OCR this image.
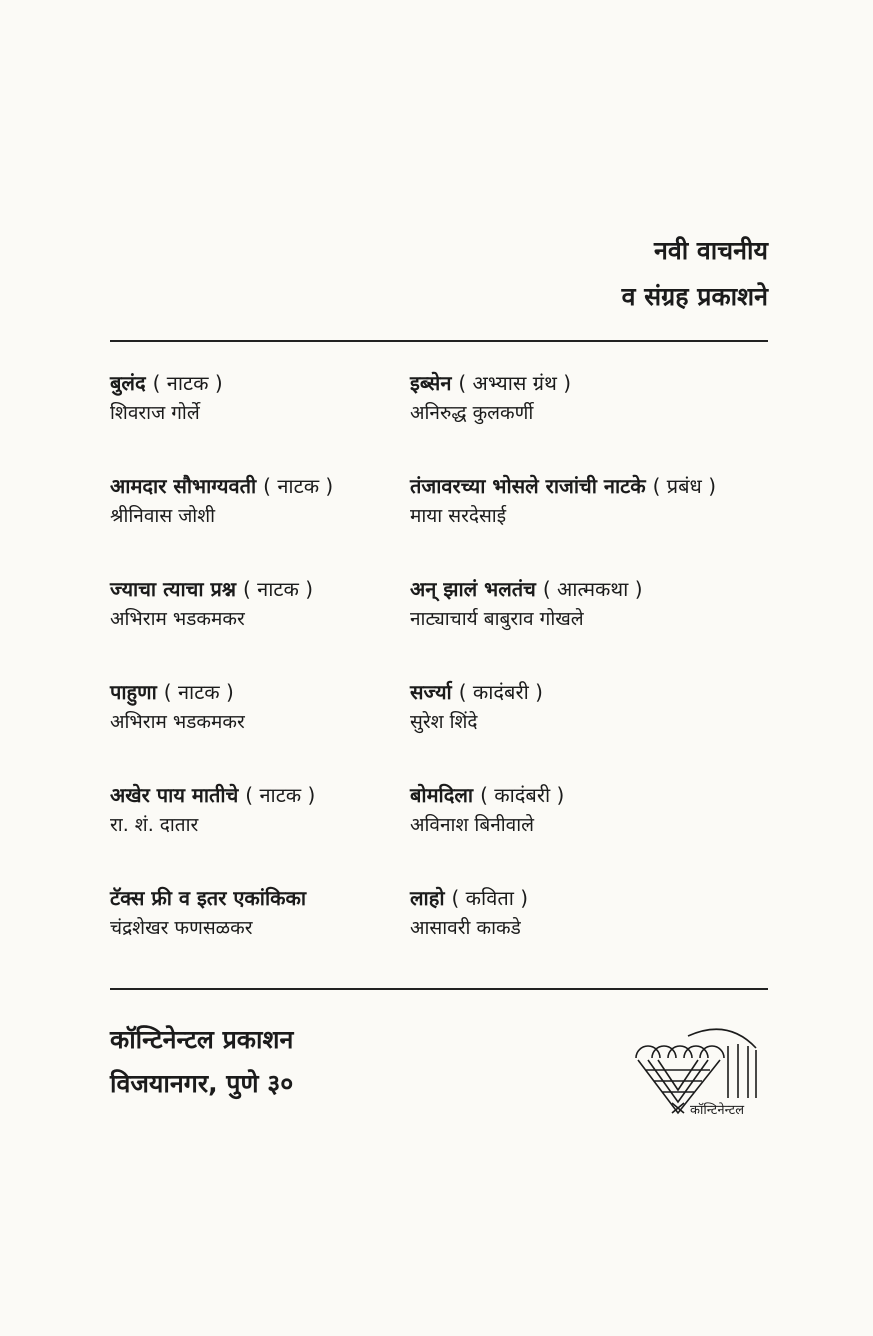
नवी वाचनीय
व संग्रह प्रकाशने
बुलंद ( नाटक )
शिवराज गोर्ले
इब्सेन ( अभ्यास ग्रंथ )
अनिरुद्ध कुलकर्णी
आमदार सौभाग्यवती ( नाटक )
श्रीनिवास जोशी
तंजावरच्या भोसले राजांची नाटके ( प्रबंध )
माया सरदेसाई
ज्याचा त्याचा प्रश्न ( नाटक )
अभिराम भडकमकर
अन् झालं भलतंच ( आत्मकथा )
नाट्याचार्य बाबुराव गोखले
पाहुणा ( नाटक )
अभिराम भडकमकर
सर्ज्या ( कादंबरी )
सुरेश शिंदे
अखेर पाय मातीचे ( नाटक )
रा. शं. दातार
बोमदिला ( कादंबरी )
अविनाश बिनीवाले
टॅक्स फ्री व इतर एकांकिका
चंद्रशेखर फणसळकर
लाहो ( कविता )
आसावरी काकडे
कॉन्टिनेन्टल प्रकाशन
विजयानगर, पुणे ३०
कॉन्टिनेन्टल
